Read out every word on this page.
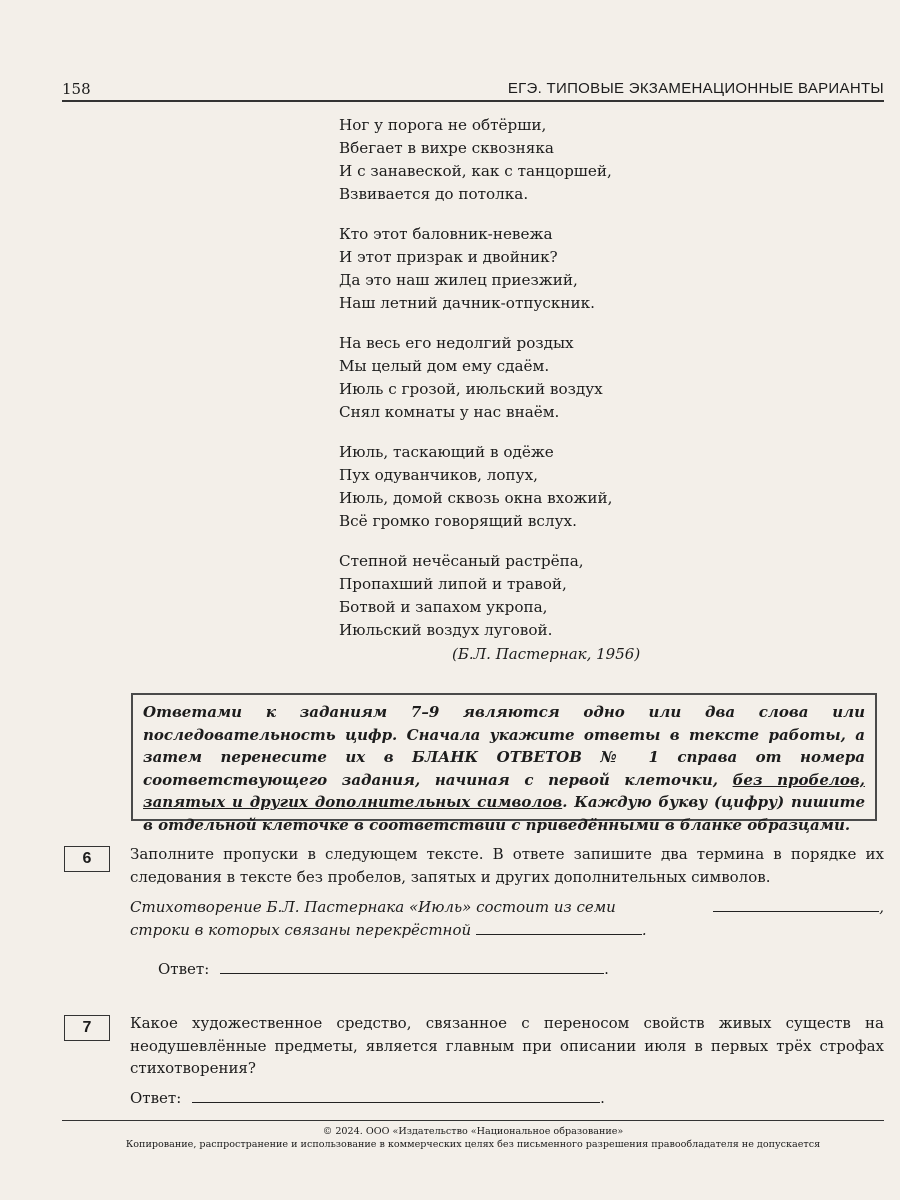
158	ЕГЭ. ТИПОВЫЕ ЭКЗАМЕНАЦИОННЫЕ ВАРИАНТЫ
Ног у порога не обтёрши,
Вбегает в вихре сквозняка
И с занавеской, как с танцоршей,
Взвивается до потолка.
Кто этот баловник-невежа
И этот призрак и двойник?
Да это наш жилец приезжий,
Наш летний дачник-отпускник.
На весь его недолгий роздых
Мы целый дом ему сдаём.
Июль с грозой, июльский воздух
Снял комнаты у нас внаём.
Июль, таскающий в одёже
Пух одуванчиков, лопух,
Июль, домой сквозь окна вхожий,
Всё громко говорящий вслух.
Степной нечёсаный растрёпа,
Пропахший липой и травой,
Ботвой и запахом укропа,
Июльский воздух луговой.
(Б.Л. Пастернак, 1956)
Ответами к заданиям 7–9 являются одно или два слова или последовательность цифр. Сначала укажите ответы в тексте работы, а затем перенесите их в БЛАНК ОТВЕТОВ № 1 справа от номера соответствующего задания, начиная с первой клеточки, без пробелов, запятых и других дополнительных символов. Каждую букву (цифру) пишите в отдельной клеточке в соответствии с приведёнными в бланке образцами.
6	Заполните пропуски в следующем тексте. В ответе запишите два термина в порядке их следования в тексте без пробелов, запятых и других дополнительных символов.
Стихотворение Б.Л. Пастернака «Июль» состоит из семи	,
строки в которых связаны перекрёстной	.
Ответ:	.
7	Какое художественное средство, связанное с переносом свойств живых существ на неодушевлённые предметы, является главным при описании июля в первых трёх строфах стихотворения?
Ответ:	.
© 2024. ООО «Издательство «Национальное образование»
Копирование, распространение и использование в коммерческих целях без письменного разрешения правообладателя не допускается
